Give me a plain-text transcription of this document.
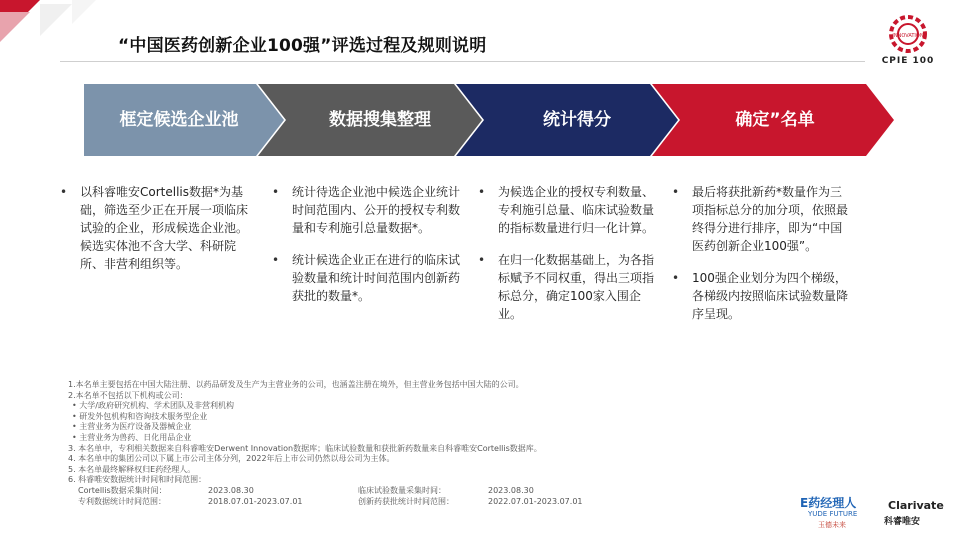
“中国医药创新企业100强”评选过程及规则说明	INNOVATION
CPIE 100
框定候选企业池	数据搜集整理	统计得分	确定”名单
• 以科睿唯安Cortellis数据*为基础，筛选至少正在开展一项临床试验的企业，形成候选企业池。候选实体池不含大学、科研院所、非营利组织等。
• 统计待选企业池中候选企业统计时间范围内、公开的授权专利数量和专利施引总量数据*。
• 统计候选企业正在进行的临床试验数量和统计时间范围内创新药获批的数量*。
• 为候选企业的授权专利数量、专利施引总量、临床试验数量的指标数量进行归一化计算。
• 在归一化数据基础上，为各指标赋予不同权重，得出三项指标总分，确定100家入围企业。
• 最后将获批新药*数量作为三项指标总分的加分项，依照最终得分进行排序，即为“中国医药创新企业100强”。
• 100强企业划分为四个梯级，各梯级内按照临床试验数量降序呈现。
1.本名单主要包括在中国大陆注册、以药品研发及生产为主营业务的公司，也涵盖注册在境外，但主营业务包括中国大陆的公司。
2.本名单不包括以下机构或公司：
• 大学/政府研究机构、学术团队及非营利机构
• 研发外包机构和咨询技术服务型企业
• 主营业务为医疗设备及器械企业
• 主营业务为兽药、日化用品企业
3. 本名单中，专利相关数据来自科睿唯安Derwent Innovation数据库；临床试验数量和获批新药数量来自科睿唯安Cortellis数据库。
4. 本名单中的集团公司以下属上市公司主体分列，2022年后上市公司仍然以母公司为主体。
5. 本名单最终解释权归E药经理人。
6. 科睿唯安数据统计时间和时间范围：
Cortellis数据采集时间：	2023.08.30	临床试验数量采集时间：	2023.08.30
专利数据统计时间范围：	2018.07.01-2023.07.01	创新药获批统计时间范围：	2022.07.01-2023.07.01	E药经理人
YUDE FUTURE
玉德未来
Clarivate
科睿唯安
